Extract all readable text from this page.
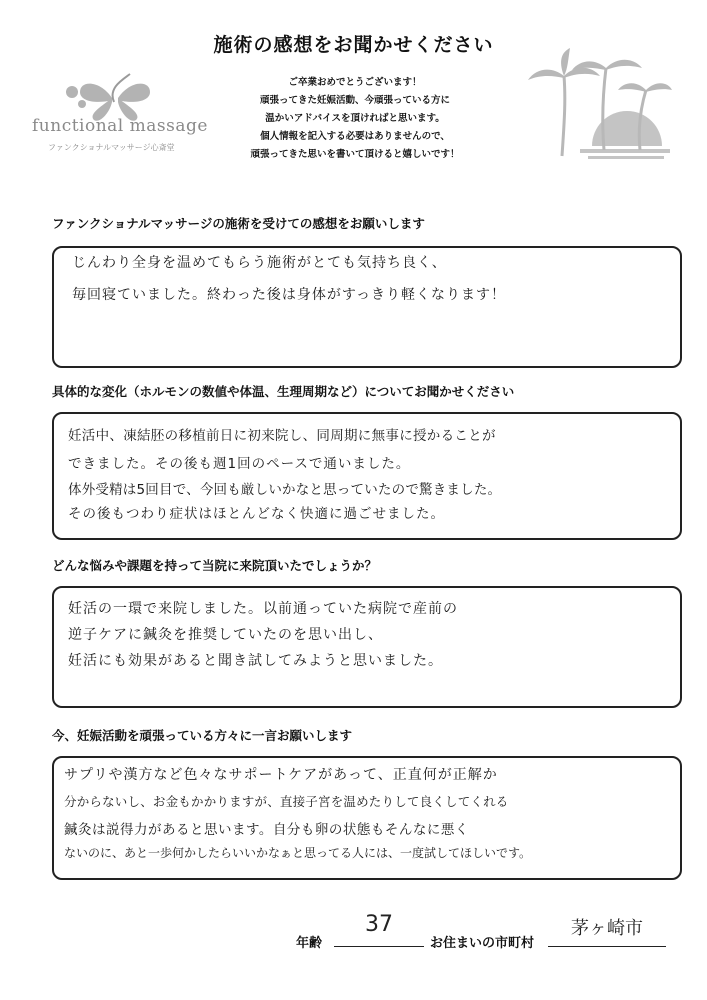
施術の感想をお聞かせください
functional massage
ファンクショナルマッサージ心斎堂
ご卒業おめでとうございます！
頑張ってきた妊娠活動、今頑張っている方に
温かいアドバイスを頂ければと思います。
個人情報を記入する必要はありませんので、
頑張ってきた思いを書いて頂けると嬉しいです！
ファンクショナルマッサージの施術を受けての感想をお願いします
じんわり全身を温めてもらう施術がとても気持ち良く、
毎回寝ていました。終わった後は身体がすっきり軽くなります！
具体的な変化（ホルモンの数値や体温、生理周期など）についてお聞かせください
妊活中、凍結胚の移植前日に初来院し、同周期に無事に授かることが
できました。その後も週1回のペースで通いました。
体外受精は5回目で、今回も厳しいかなと思っていたので驚きました。
その後もつわり症状はほとんどなく快適に過ごせました。
どんな悩みや課題を持って当院に来院頂いたでしょうか？
妊活の一環で来院しました。以前通っていた病院で産前の
逆子ケアに鍼灸を推奨していたのを思い出し、
妊活にも効果があると聞き試してみようと思いました。
今、妊娠活動を頑張っている方々に一言お願いします
サプリや漢方など色々なサポートケアがあって、正直何が正解か
分からないし、お金もかかりますが、直接子宮を温めたりして良くしてくれる
鍼灸は説得力があると思います。自分も卵の状態もそんなに悪く
ないのに、あと一歩何かしたらいいかなぁと思ってる人には、一度試してほしいです。
年齢
37
お住まいの市町村
茅ヶ崎市
